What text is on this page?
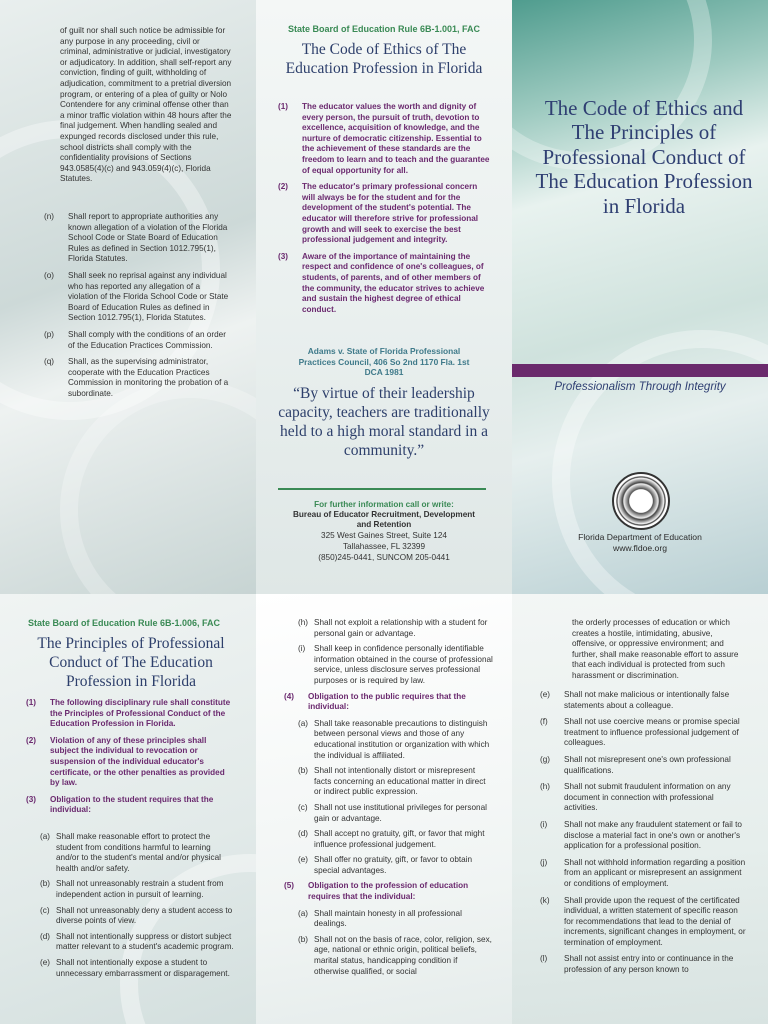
of guilt nor shall such notice be admissible for any purpose in any proceeding, civil or criminal, administrative or judicial, investigatory or adjudicatory. In addition, shall self-report any conviction, finding of guilt, withholding of adjudication, commitment to a pretrial diversion program, or entering of a plea of guilty or Nolo Contendere for any criminal offense other than a minor traffic violation within 48 hours after the final judgement. When handling sealed and expunged records disclosed under this rule, school districts shall comply with the confidentiality provisions of Sections 943.0585(4)(c) and 943.059(4)(c), Florida Statutes.
(n)	Shall report to appropriate authorities any known allegation of a violation of the Florida School Code or State Board of Education Rules as defined in Section 1012.795(1), Florida Statutes.
(o)	Shall seek no reprisal against any individual who has reported any allegation of a violation of the Florida School Code or State Board of Education Rules as defined in Section 1012.795(1), Florida Statutes.
(p)	Shall comply with the conditions of an order of the Education Practices Commission.
(q)	Shall, as the supervising administrator, cooperate with the Education Practices Commission in monitoring the probation of a subordinate.
State Board of Education Rule 6B-1.001, FAC
The Code of Ethics of The Education Profession in Florida
(1)	The educator values the worth and dignity of every person, the pursuit of truth, devotion to excellence, acquisition of knowledge, and the nurture of democratic citizenship. Essential to the achievement of these standards are the freedom to learn and to teach and the guarantee of equal opportunity for all.
(2)	The educator's primary professional concern will always be for the student and for the development of the student's potential. The educator will therefore strive for professional growth and will seek to exercise the best professional judgement and integrity.
(3)	Aware of the importance of maintaining the respect and confidence of one's colleagues, of students, of parents, and of other members of the community, the educator strives to achieve and sustain the highest degree of ethical conduct.
Adams v. State of Florida Professional Practices Council, 406 So 2nd 1170 Fla. 1st DCA 1981
“By virtue of their leadership capacity, teachers are traditionally held to a high moral standard in a community.”
For further information call or write:
Bureau of Educator Recruitment, Development and Retention
325 West Gaines Street, Suite 124
Tallahassee, FL 32399
(850)245-0441, SUNCOM 205-0441
The Code of Ethics and The Principles of Professional Conduct of The Education Profession in Florida
Professionalism Through Integrity
Florida Department of Education
www.fldoe.org
State Board of Education Rule 6B-1.006, FAC
The Principles of Professional Conduct of The Education Profession in Florida
(1)	The following disciplinary rule shall constitute the Principles of Professional Conduct of the Education Profession in Florida.
(2)	Violation of any of these principles shall subject the individual to revocation or suspension of the individual educator's certificate, or the other penalties as provided by law.
(3)	Obligation to the student requires that the individual:
(a) Shall make reasonable effort to protect the student from conditions harmful to learning and/or to the student's mental and/or physical health and/or safety.
(b) Shall not unreasonably restrain a student from independent action in pursuit of learning.
(c) Shall not unreasonably deny a student access to diverse points of view.
(d) Shall not intentionally suppress or distort subject matter relevant to a student's academic program.
(e) Shall not intentionally expose a student to unnecessary embarrassment or disparagement.
(h) Shall not exploit a relationship with a student for personal gain or advantage.
(i)	Shall keep in confidence personally identifiable information obtained in the course of professional service, unless disclosure serves professional purposes or is required by law.
(4)	Obligation to the public requires that the individual:
(a) Shall take reasonable precautions to distinguish between personal views and those of any educational institution or organization with which the individual is affiliated.
(b) Shall not intentionally distort or misrepresent facts concerning an educational matter in direct or indirect public expression.
(c) Shall not use institutional privileges for personal gain or advantage.
(d) Shall accept no gratuity, gift, or favor that might influence professional judgement.
(e) Shall offer no gratuity, gift, or favor to obtain special advantages.
(5)	Obligation to the profession of education requires that the individual:
(a) Shall maintain honesty in all professional dealings.
(b) Shall not on the basis of race, color, religion, sex, age, national or ethnic origin, political beliefs, marital status, handicapping condition if otherwise qualified, or social
the orderly processes of education or which creates a hostile, intimidating, abusive, offensive, or oppressive environment; and further, shall make reasonable effort to assure that each individual is protected from such harassment or discrimination.
(e)	Shall not make malicious or intentionally false statements about a colleague.
(f)	Shall not use coercive means or promise special treatment to influence professional judgement of colleagues.
(g)	Shall not misrepresent one's own professional qualifications.
(h)	Shall not submit fraudulent information on any document in connection with professional activities.
(i)	Shall not make any fraudulent statement or fail to disclose a material fact in one's own or another's application for a professional position.
(j)	Shall not withhold information regarding a position from an applicant or misrepresent an assignment or conditions of employment.
(k)	Shall provide upon the request of the certificated individual, a written statement of specific reason for recommendations that lead to the denial of increments, significant changes in employment, or termination of employment.
(l)	Shall not assist entry into or continuance in the profession of any person known to
